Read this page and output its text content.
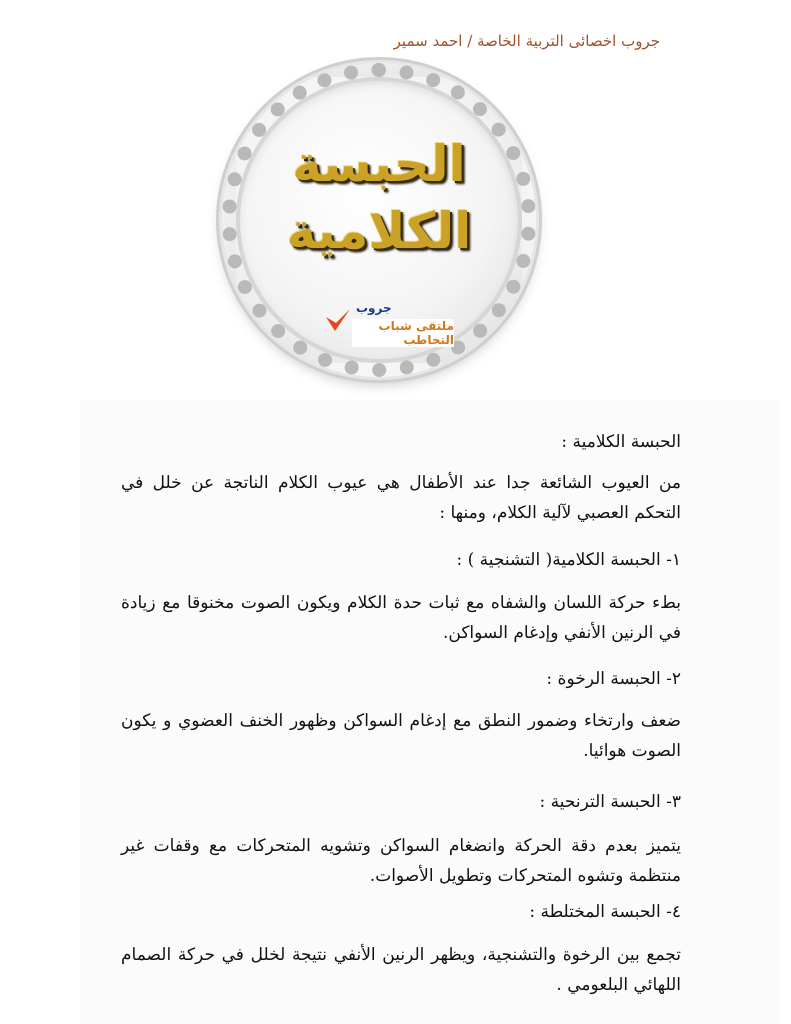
جروب اخصائى التربية الخاصة / احمد سمير
الحبسة
الكلامية
جروب
ملتقى شباب التخاطب
الحبسة الكلامية :
من العيوب الشائعة جدا عند الأطفال هي عيوب الكلام الناتجة عن خلل في التحكم العصبي لآلية الكلام، ومنها :
١- الحبسة الكلامية( التشنجية ) :
بطء حركة اللسان والشفاه مع ثبات حدة الكلام ويكون الصوت مخنوقا مع زيادة في الرنين الأنفي وإدغام السواكن.
٢- الحبسة الرخوة :
ضعف وارتخاء وضمور النطق مع إدغام السواكن وظهور الخنف العضوي و يكون الصوت هوائيا.
٣- الحبسة الترنحية :
يتميز بعدم دقة الحركة وانضغام السواكن وتشويه المتحركات مع وقفات غير منتظمة وتشوه المتحركات وتطويل الأصوات.
٤- الحبسة المختلطة :
تجمع بين الرخوة والتشنجية، ويظهر الرنين الأنفي نتيجة لخلل في حركة الصمام اللهائي البلعومي .
